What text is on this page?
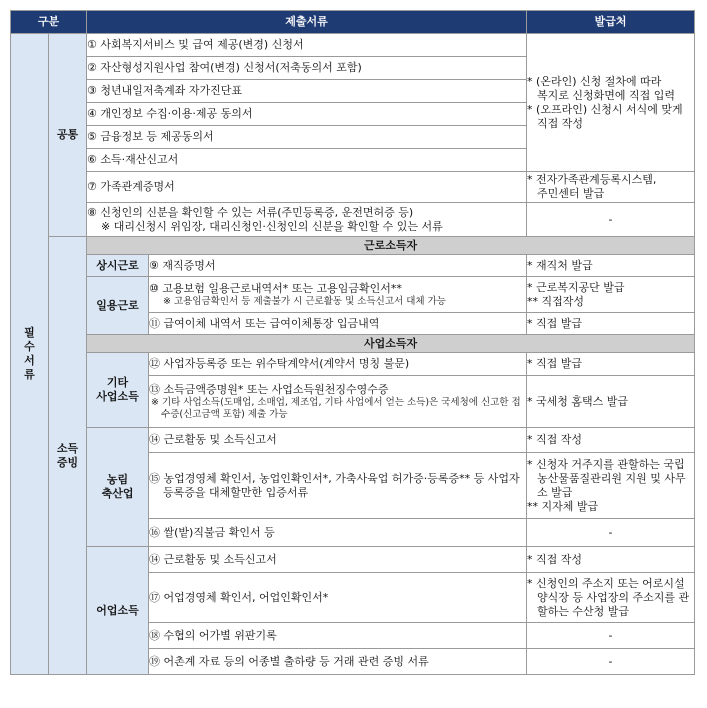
구분		제출서류		발급처

필
수
서
류	공통	① 사회복지서비스 및 급여 제공(변경) 신청서		* (온라인) 신청 절차에 따라
복지로 신청화면에 직접 입력
* (오프라인) 신청시 서식에 맞게
직접 작성

		② 자산형성지원사업 참여(변경) 신청서(저축동의서 포함)		
		③ 청년내일저축계좌 자가진단표		
		④ 개인정보 수집·이용·제공 동의서		
		⑤ 금융정보 등 제공동의서		
		⑥ 소득·재산신고서		
		⑦ 가족관계증명서		* 전자가족관계등록시스템,
주민센터 발급

		⑧ 신청인의 신분을 확인할 수 있는 서류(주민등록증, 운전면허증 등)
※ 대리신청시 위임장, 대리신청인·신청인의 신분을 확인할 수 있는 서류		-
	소득
증빙	근로소득자		
		상시근로	⑨ 재직증명서	* 재직처 발급
		일용근로	⑩ 고용보험 일용근로내역서* 또는 고용임금확인서**
※ 고용임금확인서 등 제출불가 시 근로활동 및 소득신고서 대체 가능	* 근로복지공단 발급
** 직접작성

			⑪ 급여이체 내역서 또는 급여이체통장 입금내역	* 직접 발급
		사업소득자		
		기타
사업소득	⑫ 사업자등록증 또는 위수탁계약서(계약서 명칭 불문)	* 직접 발급

			⑬ 소득금액증명원* 또는 사업소득원천징수영수증
※ 기타 사업소득(도매업, 소매업, 제조업, 기타 사업에서 얻는 소득)은 국세청에 신고한 접수증(신고금액 포함) 제출 가능	* 국세청 홈택스 발급
		농림
축산업	⑭ 근로활동 및 소득신고서	* 직접 작성

			⑮ 농업경영체 확인서, 농업인확인서*, 가축사육업 허가증·등록증** 등 사업자등록증을 대체할만한 입증서류	* 신청자 거주지를 관할하는 국립농산물품질관리원 지원 및 사무소 발급
** 지자체 발급

			⑯ 쌀(밭)직불금 확인서 등	-
		어업소득	⑭ 근로활동 및 소득신고서	* 직접 작성
			⑰ 어업경영체 확인서, 어업인확인서*	* 신청인의 주소지 또는 어로시설 양식장 등 사업장의 주소지를 관할하는 수산청 발급

			⑱ 수협의 어가별 위판기록	-
			⑲ 어촌계 자료 등의 어종별 출하량 등 거래 관련 증빙 서류	-
